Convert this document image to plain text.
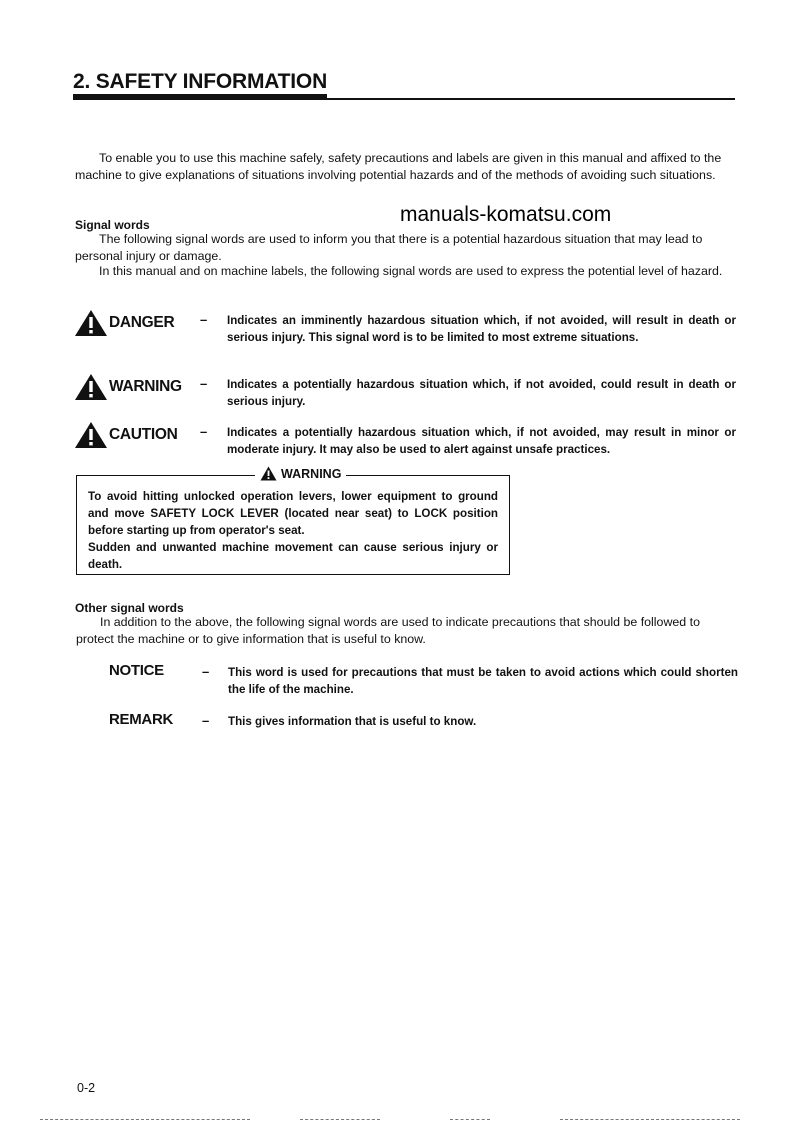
2. SAFETY INFORMATION

To enable you to use this machine safely, safety precautions and labels are given in this manual and affixed to the machine to give explanations of situations involving potential hazards and of the methods of avoiding such situations.

manuals-komatsu.com
Signal words

The following signal words are used to inform you that there is a potential hazardous situation that may lead to personal injury or damage.

In this manual and on machine labels, the following signal words are used to express the potential level of hazard.

DANGER – Indicates an imminently hazardous situation which, if not avoided, will result in death or serious injury. This signal word is to be limited to most extreme situations.
WARNING – Indicates a potentially hazardous situation which, if not avoided, could result in death or serious injury.
CAUTION – Indicates a potentially hazardous situation which, if not avoided, may result in minor or moderate injury. It may also be used to alert against unsafe practices.
WARNING
To avoid hitting unlocked operation levers, lower equipment to ground and move SAFETY LOCK LEVER (located near seat) to LOCK position before starting up from operator's seat.
Sudden and unwanted machine movement can cause serious injury or death.
Other signal words

In addition to the above, the following signal words are used to indicate precautions that should be followed to protect the machine or to give information that is useful to know.

NOTICE	– This word is used for precautions that must be taken to avoid actions which could shorten the life of the machine.
REMARK – This gives information that is useful to know.
0-2
